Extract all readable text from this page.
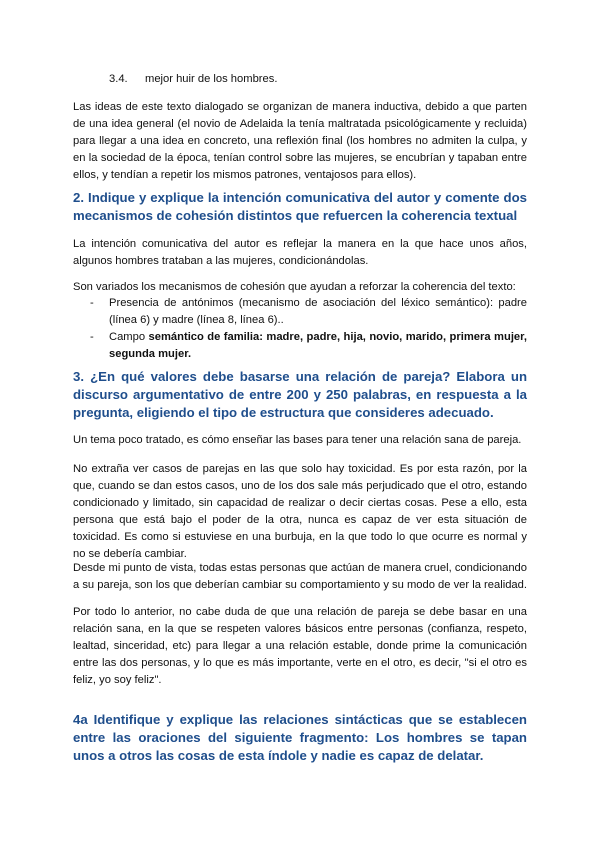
3.4. mejor huir de los hombres.

Las ideas de este texto dialogado se organizan de manera inductiva, debido a que parten de una idea general (el novio de Adelaida la tenía maltratada psicológicamente y recluida) para llegar a una idea en concreto, una reflexión final (los hombres no admiten la culpa, y en la sociedad de la época, tenían control sobre las mujeres, se encubrían y tapaban entre ellos, y tendían a repetir los mismos patrones, ventajosos para ellos).

2. Indique y explique la intención comunicativa del autor y comente dos mecanismos de cohesión distintos que refuercen la coherencia textual

La intención comunicativa del autor es reflejar la manera en la que hace unos años, algunos hombres trataban a las mujeres, condicionándolas.

Son variados los mecanismos de cohesión que ayudan a reforzar la coherencia del texto:

- Presencia de antónimos (mecanismo de asociación del léxico semántico): padre (línea 6) y madre (línea 8, línea 6)..
- Campo semántico de familia: madre, padre, hija, novio, marido, primera mujer, segunda mujer.
3. ¿En qué valores debe basarse una relación de pareja? Elabora un discurso argumentativo de entre 200 y 250 palabras, en respuesta a la pregunta, eligiendo el tipo de estructura que consideres adecuado.

Un tema poco tratado, es cómo enseñar las bases para tener una relación sana de pareja.

No extraña ver casos de parejas en las que solo hay toxicidad. Es por esta razón, por la que, cuando se dan estos casos, uno de los dos sale más perjudicado que el otro, estando condicionado y limitado, sin capacidad de realizar o decir ciertas cosas. Pese a ello, esta persona que está bajo el poder de la otra, nunca es capaz de ver esta situación de toxicidad. Es como si estuviese en una burbuja, en la que todo lo que ocurre es normal y no se debería cambiar.

Desde mi punto de vista, todas estas personas que actúan de manera cruel, condicionando a su pareja, son los que deberían cambiar su comportamiento y su modo de ver la realidad.

Por todo lo anterior, no cabe duda de que una relación de pareja se debe basar en una relación sana, en la que se respeten valores básicos entre personas (confianza, respeto, lealtad, sinceridad, etc) para llegar a una relación estable, donde prime la comunicación entre las dos personas, y lo que es más importante, verte en el otro, es decir, "si el otro es feliz, yo soy feliz".

4a Identifique y explique las relaciones sintácticas que se establecen entre las oraciones del siguiente fragmento: Los hombres se tapan unos a otros las cosas de esta índole y nadie es capaz de delatar.
